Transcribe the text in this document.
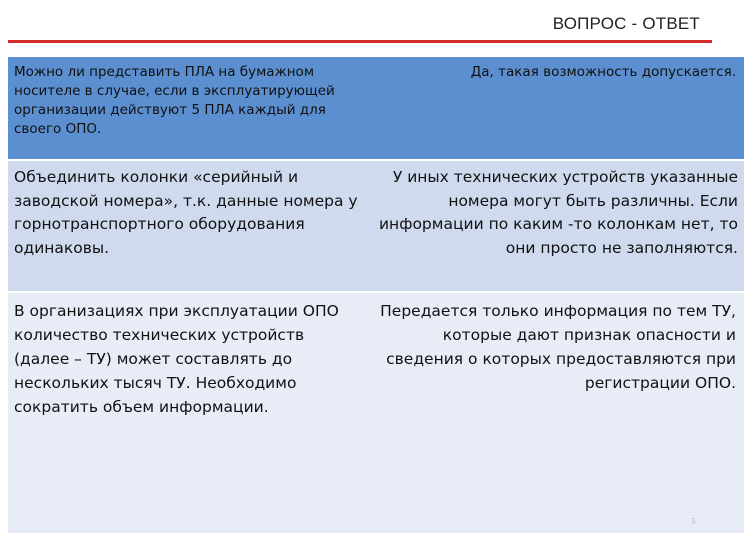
ВОПРОС - ОТВЕТ
Можно ли представить ПЛА на бумажном носителе в случае, если в эксплуатирующей организации действуют 5 ПЛА каждый для своего ОПО.	Да, такая возможность допускается.
Объединить колонки «серийный и заводской номера», т.к. данные номера у горнотранспортного оборудования одинаковы.	У иных технических устройств указанные номера могут быть различны. Если информации по каким -то колонкам нет, то они просто не заполняются.
В организациях при эксплуатации ОПО количество технических устройств (далее – ТУ) может составлять до нескольких тысяч ТУ. Необходимо сократить объем информации.	Передается только информация по тем ТУ, которые дают признак опасности и сведения о которых предоставляются при регистрации ОПО.
5
